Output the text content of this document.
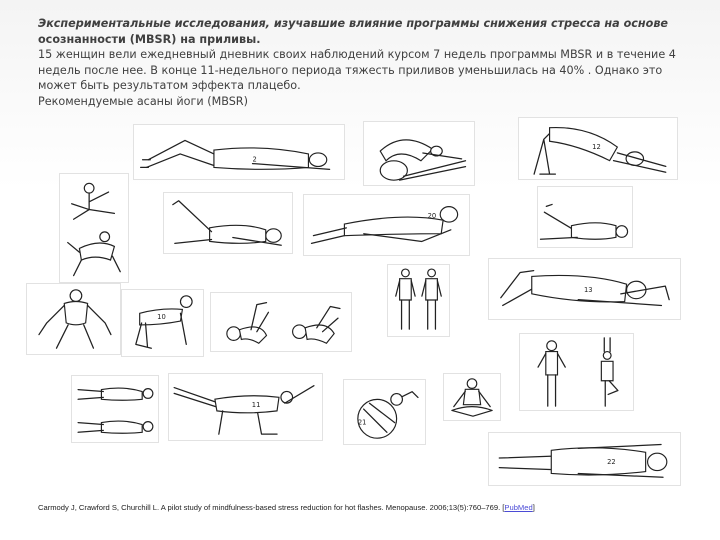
Экспериментальные исследования, изучавшие влияние программы снижения стресса на основе
осознанности (MBSR) на приливы.
15 женщин вели ежедневный дневник своих наблюдений курсом 7 недель программы MBSR и в течение 4
недель после нее. В конце 11-недельного периода тяжесть приливов уменьшилась на 40% . Однако это
может быть результатом эффекта плацебо.
Рекомендуемые асаны йоги (MBSR)
2
12
20
13
10
11
21
22
Carmody J, Crawford S, Churchill L. A pilot study of mindfulness-based stress reduction for hot flashes. Menopause. 2006;13(5):760–769. [PubMed]
